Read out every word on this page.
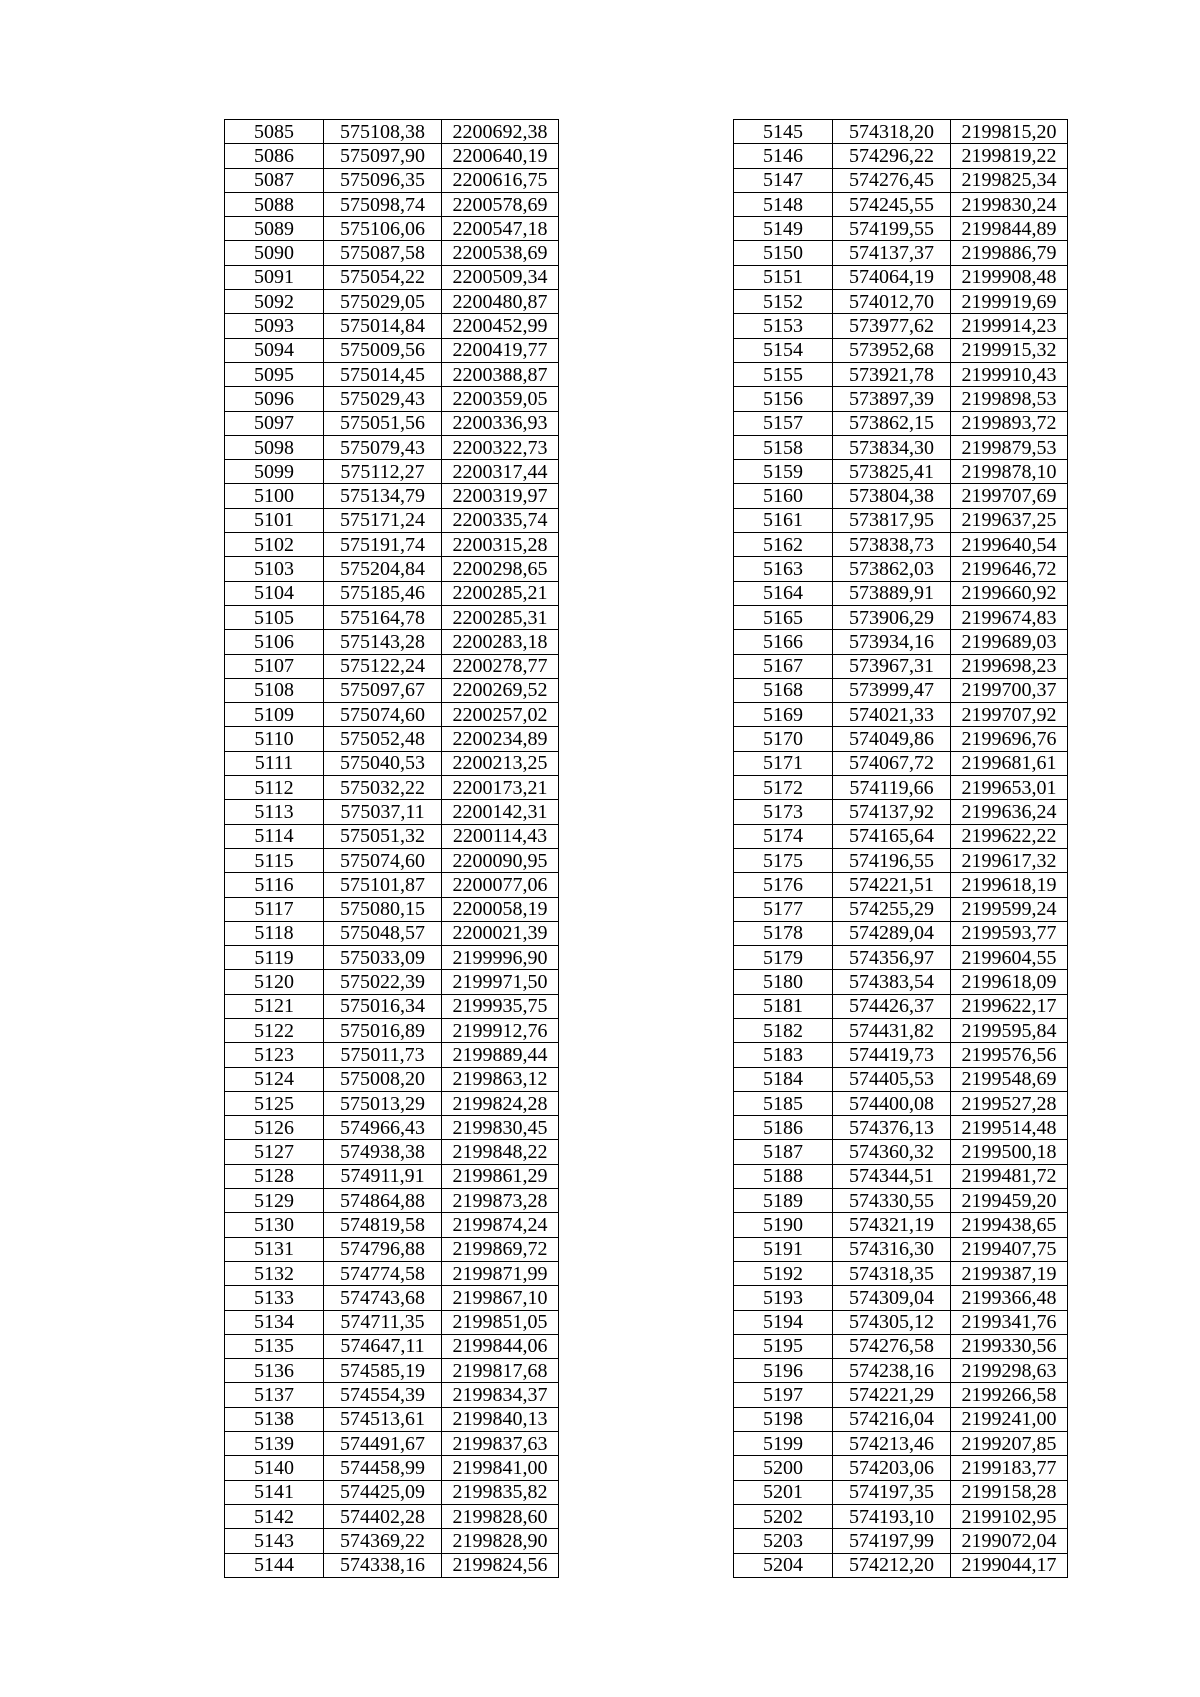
5085	575108,38	2200692,38
5086	575097,90	2200640,19
5087	575096,35	2200616,75
5088	575098,74	2200578,69
5089	575106,06	2200547,18
5090	575087,58	2200538,69
5091	575054,22	2200509,34
5092	575029,05	2200480,87
5093	575014,84	2200452,99
5094	575009,56	2200419,77
5095	575014,45	2200388,87
5096	575029,43	2200359,05
5097	575051,56	2200336,93
5098	575079,43	2200322,73
5099	575112,27	2200317,44
5100	575134,79	2200319,97
5101	575171,24	2200335,74
5102	575191,74	2200315,28
5103	575204,84	2200298,65
5104	575185,46	2200285,21
5105	575164,78	2200285,31
5106	575143,28	2200283,18
5107	575122,24	2200278,77
5108	575097,67	2200269,52
5109	575074,60	2200257,02
5110	575052,48	2200234,89
5111	575040,53	2200213,25
5112	575032,22	2200173,21
5113	575037,11	2200142,31
5114	575051,32	2200114,43
5115	575074,60	2200090,95
5116	575101,87	2200077,06
5117	575080,15	2200058,19
5118	575048,57	2200021,39
5119	575033,09	2199996,90
5120	575022,39	2199971,50
5121	575016,34	2199935,75
5122	575016,89	2199912,76
5123	575011,73	2199889,44
5124	575008,20	2199863,12
5125	575013,29	2199824,28
5126	574966,43	2199830,45
5127	574938,38	2199848,22
5128	574911,91	2199861,29
5129	574864,88	2199873,28
5130	574819,58	2199874,24
5131	574796,88	2199869,72
5132	574774,58	2199871,99
5133	574743,68	2199867,10
5134	574711,35	2199851,05
5135	574647,11	2199844,06
5136	574585,19	2199817,68
5137	574554,39	2199834,37
5138	574513,61	2199840,13
5139	574491,67	2199837,63
5140	574458,99	2199841,00
5141	574425,09	2199835,82
5142	574402,28	2199828,60
5143	574369,22	2199828,90
5144	574338,16	2199824,56
5145	574318,20	2199815,20
5146	574296,22	2199819,22
5147	574276,45	2199825,34
5148	574245,55	2199830,24
5149	574199,55	2199844,89
5150	574137,37	2199886,79
5151	574064,19	2199908,48
5152	574012,70	2199919,69
5153	573977,62	2199914,23
5154	573952,68	2199915,32
5155	573921,78	2199910,43
5156	573897,39	2199898,53
5157	573862,15	2199893,72
5158	573834,30	2199879,53
5159	573825,41	2199878,10
5160	573804,38	2199707,69
5161	573817,95	2199637,25
5162	573838,73	2199640,54
5163	573862,03	2199646,72
5164	573889,91	2199660,92
5165	573906,29	2199674,83
5166	573934,16	2199689,03
5167	573967,31	2199698,23
5168	573999,47	2199700,37
5169	574021,33	2199707,92
5170	574049,86	2199696,76
5171	574067,72	2199681,61
5172	574119,66	2199653,01
5173	574137,92	2199636,24
5174	574165,64	2199622,22
5175	574196,55	2199617,32
5176	574221,51	2199618,19
5177	574255,29	2199599,24
5178	574289,04	2199593,77
5179	574356,97	2199604,55
5180	574383,54	2199618,09
5181	574426,37	2199622,17
5182	574431,82	2199595,84
5183	574419,73	2199576,56
5184	574405,53	2199548,69
5185	574400,08	2199527,28
5186	574376,13	2199514,48
5187	574360,32	2199500,18
5188	574344,51	2199481,72
5189	574330,55	2199459,20
5190	574321,19	2199438,65
5191	574316,30	2199407,75
5192	574318,35	2199387,19
5193	574309,04	2199366,48
5194	574305,12	2199341,76
5195	574276,58	2199330,56
5196	574238,16	2199298,63
5197	574221,29	2199266,58
5198	574216,04	2199241,00
5199	574213,46	2199207,85
5200	574203,06	2199183,77
5201	574197,35	2199158,28
5202	574193,10	2199102,95
5203	574197,99	2199072,04
5204	574212,20	2199044,17
